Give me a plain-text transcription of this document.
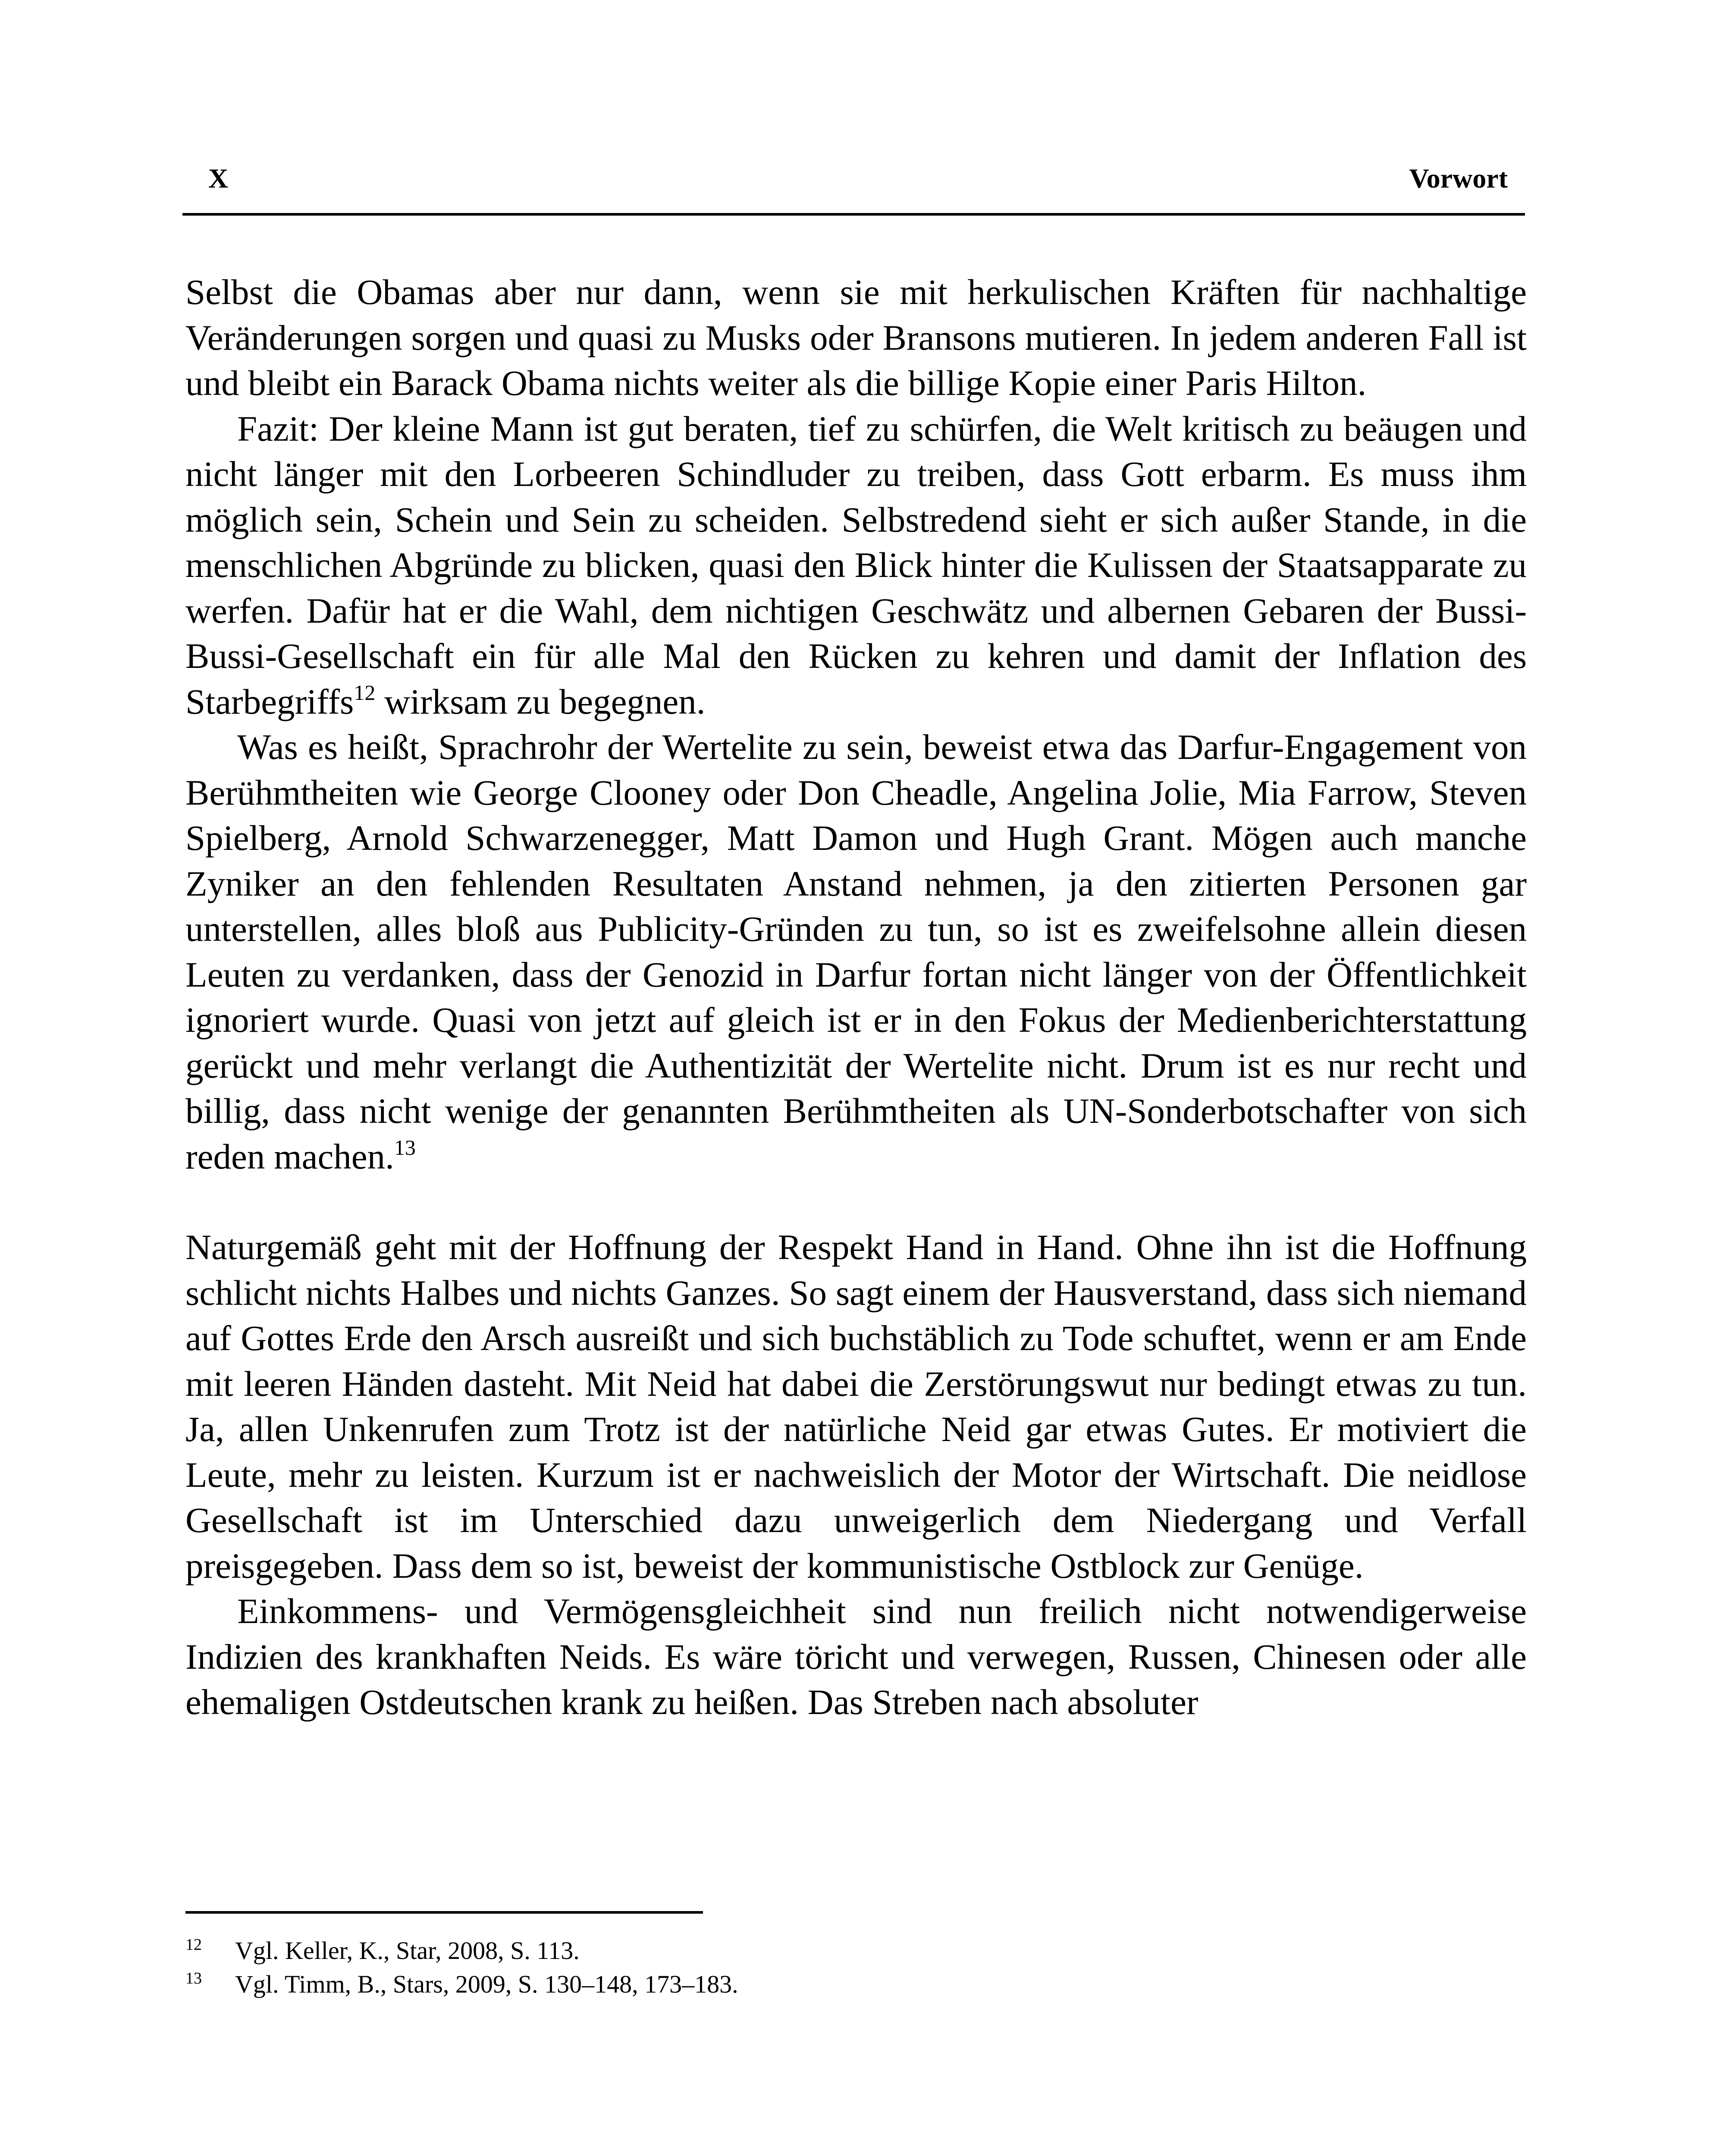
X	Vorwort

Selbst die Obamas aber nur dann, wenn sie mit herkulischen Kräften für nachhaltige Veränderungen sorgen und quasi zu Musks oder Bransons mutieren. In jedem anderen Fall ist und bleibt ein Barack Obama nichts weiter als die billige Kopie einer Paris Hilton.

Fazit: Der kleine Mann ist gut beraten, tief zu schürfen, die Welt kritisch zu beäugen und nicht länger mit den Lorbeeren Schindluder zu treiben, dass Gott erbarm. Es muss ihm möglich sein, Schein und Sein zu scheiden. Selbstredend sieht er sich außer Stande, in die menschlichen Abgründe zu blicken, quasi den Blick hinter die Kulissen der Staatsapparate zu werfen. Dafür hat er die Wahl, dem nichtigen Geschwätz und albernen Gebaren der Bussi-Bussi-Gesellschaft ein für alle Mal den Rücken zu kehren und damit der Inflation des Starbegriffs$^{12}$ wirksam zu begegnen.

Was es heißt, Sprachrohr der Wertelite zu sein, beweist etwa das Darfur-Engagement von Berühmtheiten wie George Clooney oder Don Cheadle, Angelina Jolie, Mia Farrow, Steven Spielberg, Arnold Schwarzenegger, Matt Damon und Hugh Grant. Mögen auch manche Zyniker an den fehlenden Resultaten Anstand nehmen, ja den zitierten Personen gar unterstellen, alles bloß aus Publicity-Gründen zu tun, so ist es zweifelsohne allein diesen Leuten zu verdanken, dass der Genozid in Darfur fortan nicht länger von der Öffentlichkeit ignoriert wurde. Quasi von jetzt auf gleich ist er in den Fokus der Medienberichterstattung gerückt und mehr verlangt die Authentizität der Wertelite nicht. Drum ist es nur recht und billig, dass nicht wenige der genannten Berühmtheiten als UN-Sonderbotschafter von sich reden machen.$^{13}$

Naturgemäß geht mit der Hoffnung der Respekt Hand in Hand. Ohne ihn ist die Hoffnung schlicht nichts Halbes und nichts Ganzes. So sagt einem der Hausverstand, dass sich niemand auf Gottes Erde den Arsch ausreißt und sich buchstäblich zu Tode schuftet, wenn er am Ende mit leeren Händen dasteht. Mit Neid hat dabei die Zerstörungswut nur bedingt etwas zu tun. Ja, allen Unkenrufen zum Trotz ist der natürliche Neid gar etwas Gutes. Er motiviert die Leute, mehr zu leisten. Kurzum ist er nachweislich der Motor der Wirtschaft. Die neidlose Gesellschaft ist im Unterschied dazu unweigerlich dem Niedergang und Verfall preisgegeben. Dass dem so ist, beweist der kommunistische Ostblock zur Genüge.

Einkommens- und Vermögensgleichheit sind nun freilich nicht notwendigerweise Indizien des krankhaften Neids. Es wäre töricht und verwegen, Russen, Chinesen oder alle ehemaligen Ostdeutschen krank zu heißen. Das Streben nach absoluter

12 Vgl. Keller, K., Star, 2008, S. 113.
13 Vgl. Timm, B., Stars, 2009, S. 130–148, 173–183.
